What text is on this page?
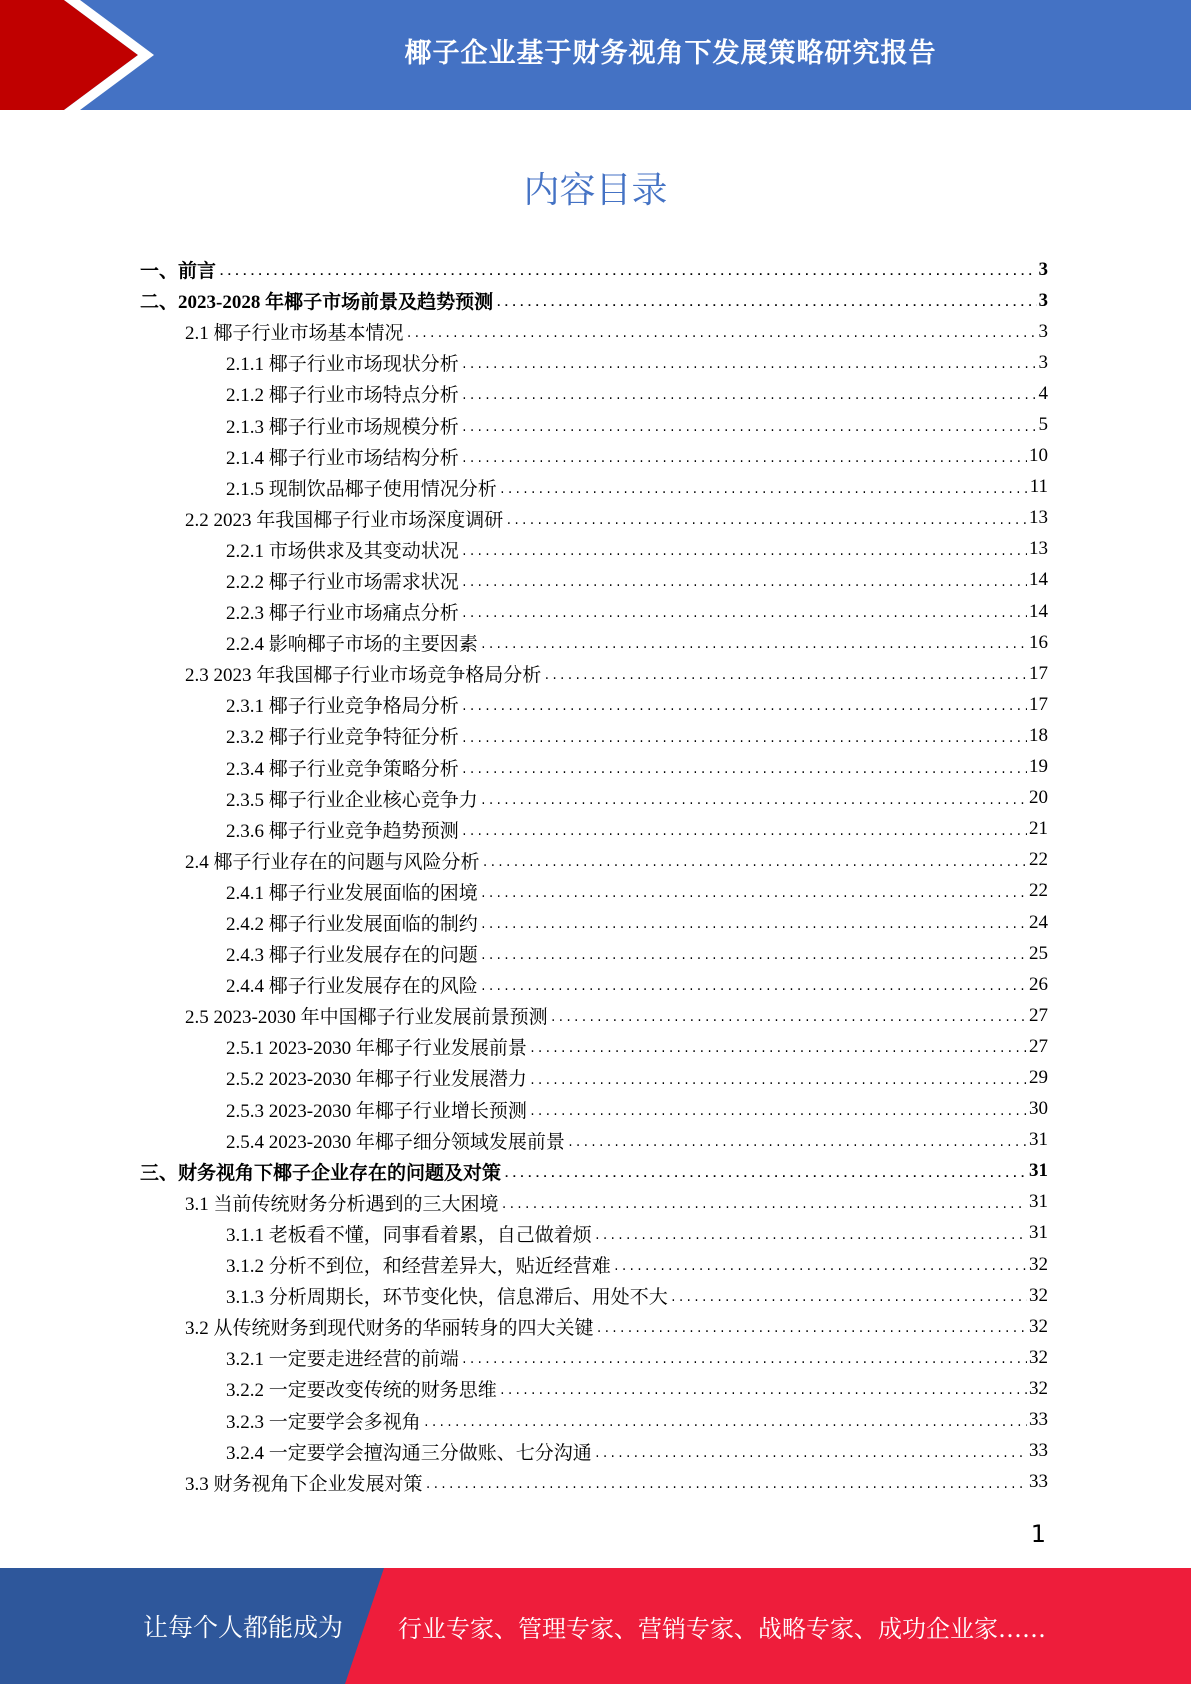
椰子企业基于财务视角下发展策略研究报告
内容目录
一、前言 .....	3
二、2023-2028 年椰子市场前景及趋势预测 .....	3
2.1 椰子行业市场基本情况 .....	3
2.1.1 椰子行业市场现状分析 .....	3
2.1.2 椰子行业市场特点分析 .....	4
2.1.3 椰子行业市场规模分析 .....	5
2.1.4 椰子行业市场结构分析 .....	10
2.1.5 现制饮品椰子使用情况分析 .....	11
2.2 2023 年我国椰子行业市场深度调研 .....	13
2.2.1 市场供求及其变动状况 .....	13
2.2.2 椰子行业市场需求状况 .....	14
2.2.3 椰子行业市场痛点分析 .....	14
2.2.4 影响椰子市场的主要因素 .....	16
2.3 2023 年我国椰子行业市场竞争格局分析 .....	17
2.3.1 椰子行业竞争格局分析 .....	17
2.3.2 椰子行业竞争特征分析 .....	18
2.3.4 椰子行业竞争策略分析 .....	19
2.3.5 椰子行业企业核心竞争力 .....	20
2.3.6 椰子行业竞争趋势预测 .....	21
2.4 椰子行业存在的问题与风险分析 .....	22
2.4.1 椰子行业发展面临的困境 .....	22
2.4.2 椰子行业发展面临的制约 .....	24
2.4.3 椰子行业发展存在的问题 .....	25
2.4.4 椰子行业发展存在的风险 .....	26
2.5 2023-2030 年中国椰子行业发展前景预测 .....	27
2.5.1 2023-2030 年椰子行业发展前景 .....	27
2.5.2 2023-2030 年椰子行业发展潜力 .....	29
2.5.3 2023-2030 年椰子行业增长预测 .....	30
2.5.4 2023-2030 年椰子细分领域发展前景 .....	31
三、财务视角下椰子企业存在的问题及对策 .....	31
3.1 当前传统财务分析遇到的三大困境 .....	31
3.1.1 老板看不懂，同事看着累，自己做着烦 .....	31
3.1.2 分析不到位，和经营差异大，贴近经营难 .....	32
3.1.3 分析周期长，环节变化快，信息滞后、用处不大 .....	32
3.2 从传统财务到现代财务的华丽转身的四大关键 .....	32
3.2.1 一定要走进经营的前端 .....	32
3.2.2 一定要改变传统的财务思维 .....	32
3.2.3 一定要学会多视角 .....	33
3.2.4 一定要学会擅沟通三分做账、七分沟通 .....	33
3.3 财务视角下企业发展对策 .....	33
1
让每个人都能成为 行业专家、管理专家、营销专家、战略专家、成功企业家……
